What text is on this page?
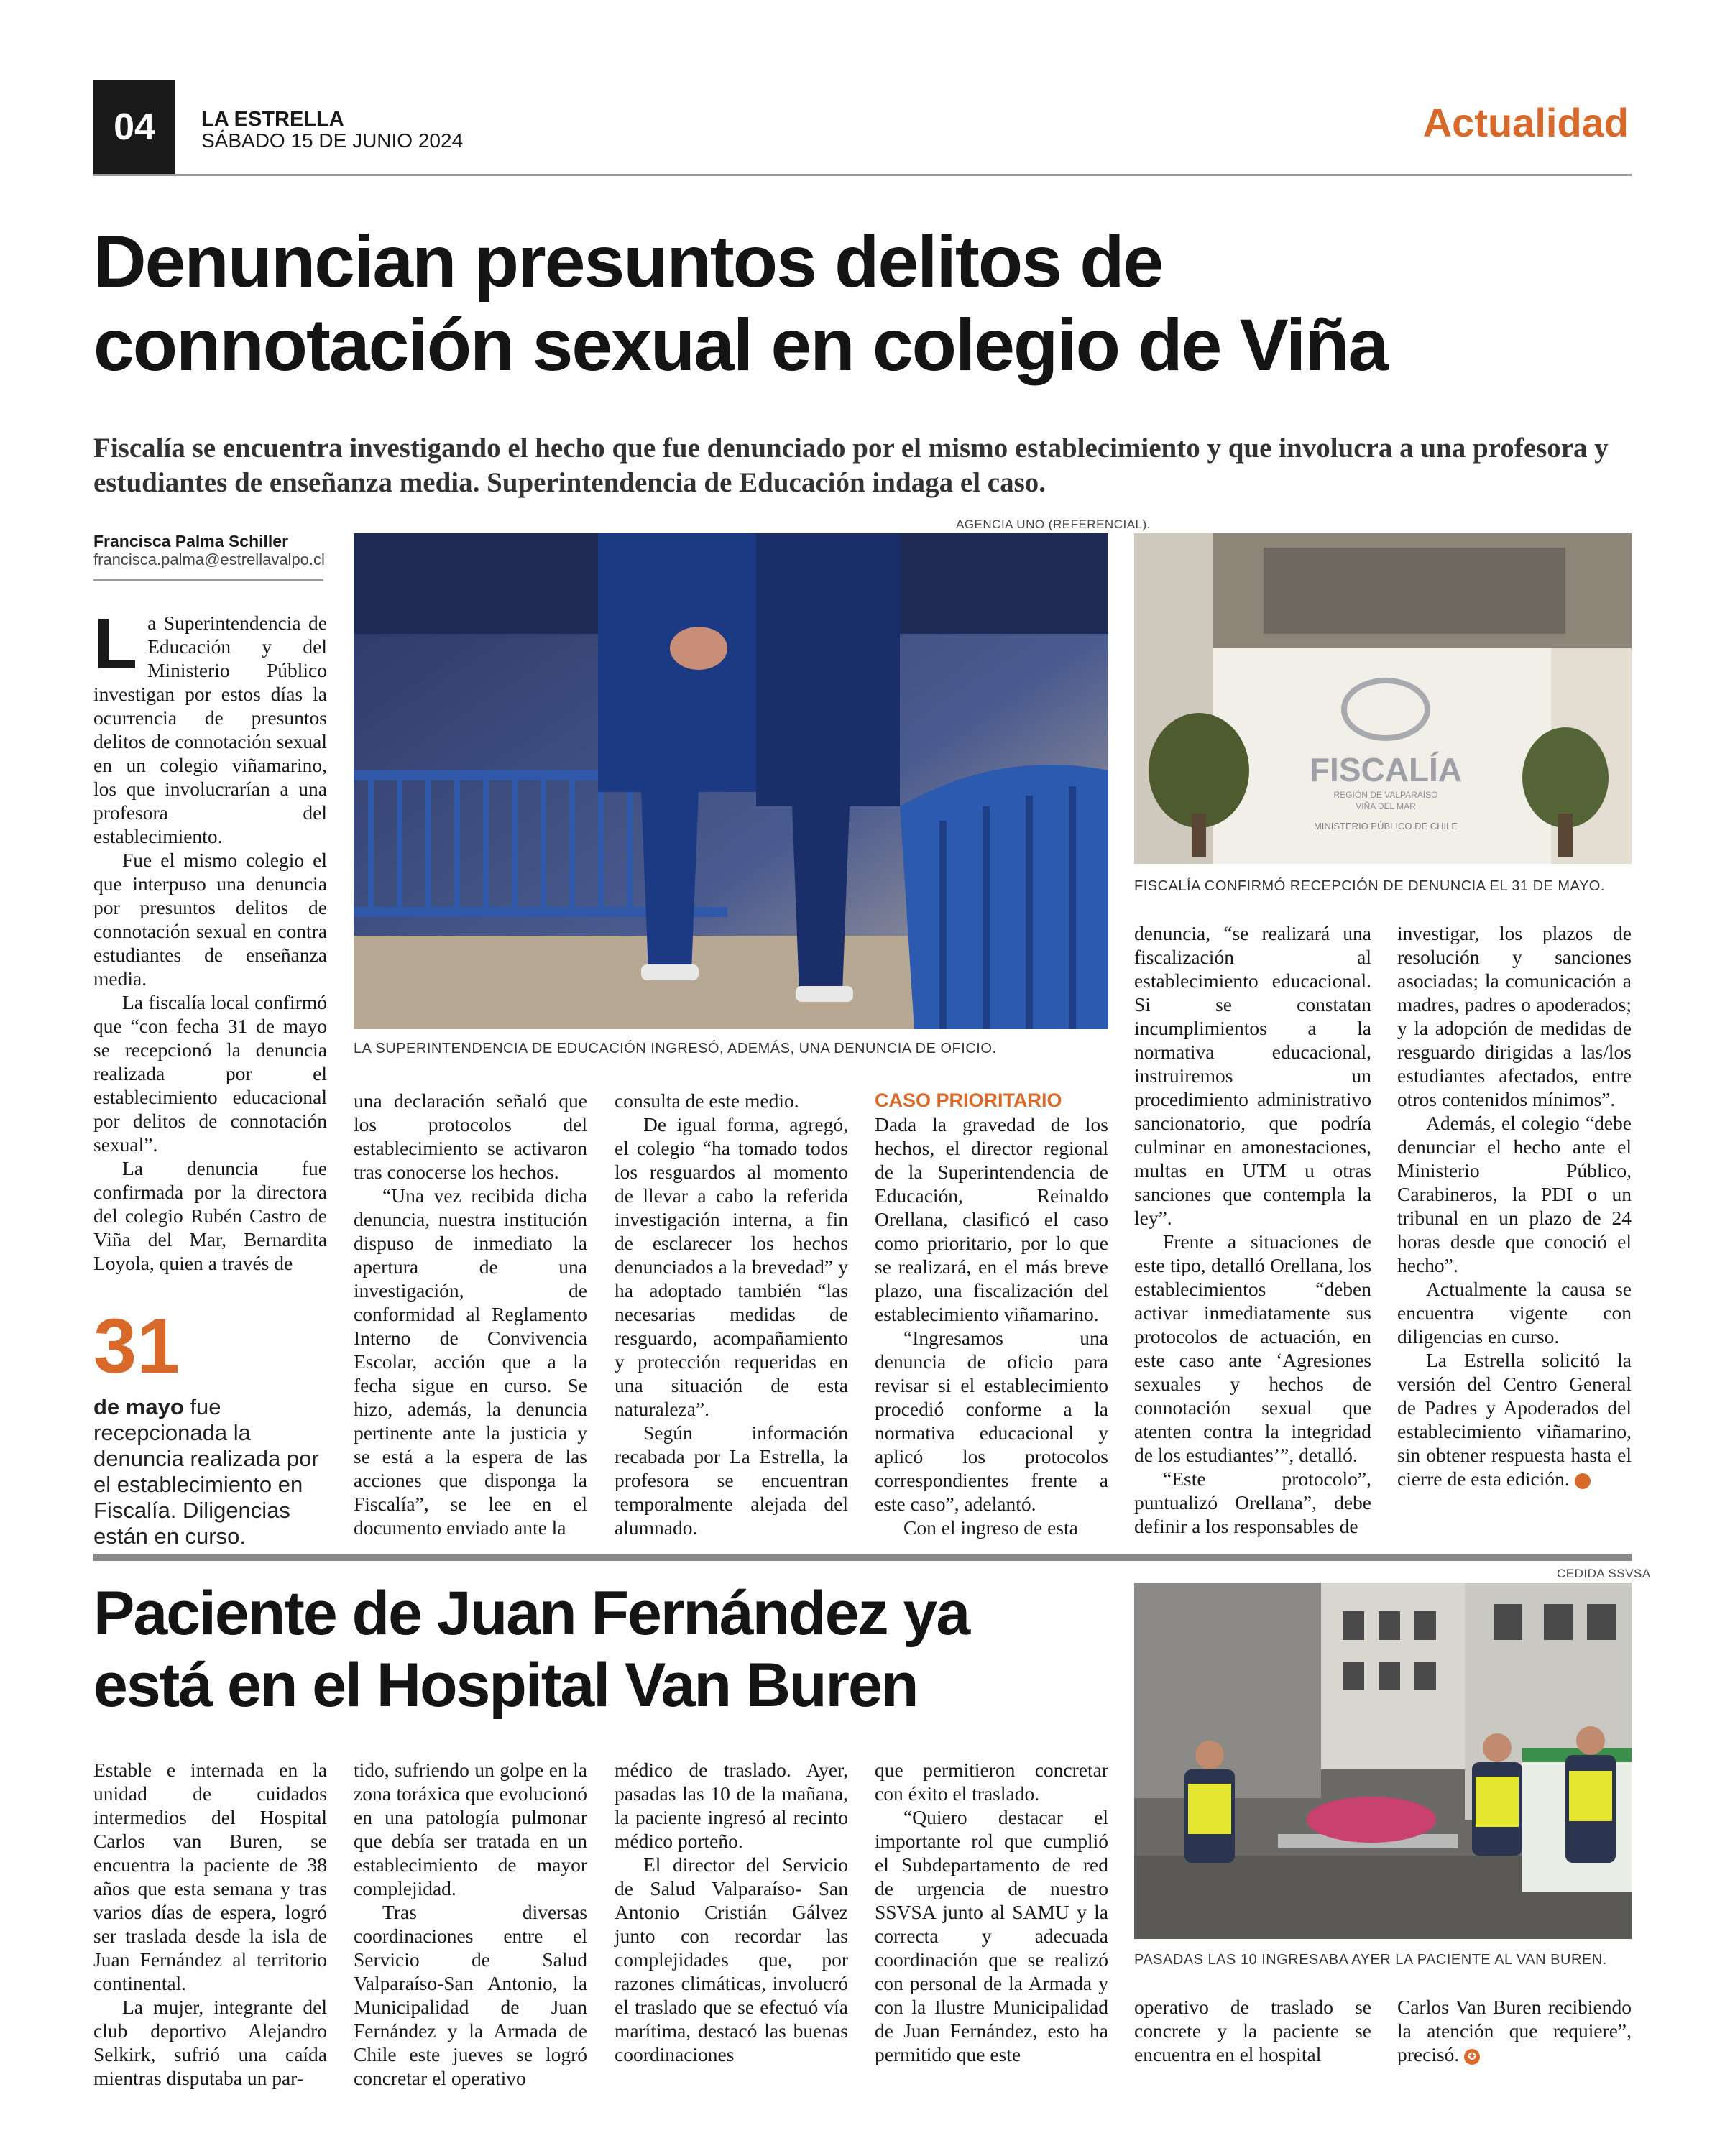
04	LA ESTRELLA
SÁBADO 15 DE JUNIO 2024	Actualidad
Denuncian presuntos delitos de
connotación sexual en colegio de Viña
Fiscalía se encuentra investigando el hecho que fue denunciado por el mismo establecimiento y que involucra a una profesora y estudiantes de enseñanza media. Superintendencia de Educación indaga el caso.
Francisca Palma Schiller
francisca.palma@estrellavalpo.cl
AGENCIA UNO (REFERENCIAL).
LA SUPERINTENDENCIA DE EDUCACIÓN INGRESÓ, ADEMÁS, UNA DENUNCIA DE OFICIO.
FISCALÍA
REGIÓN DE VALPARAÍSO
VIÑA DEL MAR
MINISTERIO PÚBLICO DE CHILE
FISCALÍA CONFIRMÓ RECEPCIÓN DE DENUNCIA EL 31 DE MAYO.

La Superintendencia de Educación y del Ministerio Público investigan por estos días la ocurrencia de presuntos delitos de connotación sexual en un colegio viñamarino, los que involucrarían a una profesora del establecimiento.

Fue el mismo colegio el que interpuso una denuncia por presuntos delitos de connotación sexual en contra estudiantes de enseñanza media.

La fiscalía local confirmó que “con fecha 31 de mayo se recepcionó la denuncia realizada por el establecimiento educacional por delitos de connotación sexual”.

La denuncia fue confirmada por la directora del colegio Rubén Castro de Viña del Mar, Bernardita Loyola, quien a través de

31
de mayo fue recepcionada la denuncia realizada por el establecimiento en Fiscalía. Diligencias están en curso.

una declaración señaló que los protocolos del establecimiento se activaron tras conocerse los hechos.

“Una vez recibida dicha denuncia, nuestra institución dispuso de inmediato la apertura de una investigación, de conformidad al Reglamento Interno de Convivencia Escolar, acción que a la fecha sigue en curso. Se hizo, además, la denuncia pertinente ante la justicia y se está a la espera de las acciones que disponga la Fiscalía”, se lee en el documento enviado ante la

consulta de este medio.

De igual forma, agregó, el colegio “ha tomado todos los resguardos al momento de llevar a cabo la referida investigación interna, a fin de esclarecer los hechos denunciados a la brevedad” y ha adoptado también “las necesarias medidas de resguardo, acompañamiento y protección requeridas en una situación de esta naturaleza”.

Según información recabada por La Estrella, la profesora se encuentran temporalmente alejada del alumnado.

CASO PRIORITARIO

Dada la gravedad de los hechos, el director regional de la Superintendencia de Educación, Reinaldo Orellana, clasificó el caso como prioritario, por lo que se realizará, en el más breve plazo, una fiscalización del establecimiento viñamarino.

“Ingresamos una denuncia de oficio para revisar si el establecimiento procedió conforme a la normativa educacional y aplicó los protocolos correspondientes frente a este caso”, adelantó.

Con el ingreso de esta

denuncia, “se realizará una fiscalización al establecimiento educacional. Si se constatan incumplimientos a la normativa educacional, instruiremos un procedimiento administrativo sancionatorio, que podría culminar en amonestaciones, multas en UTM u otras sanciones que contempla la ley”.

Frente a situaciones de este tipo, detalló Orellana, los establecimientos “deben activar inmediatamente sus protocolos de actuación, en este caso ante ‘Agresiones sexuales y hechos de connotación sexual que atenten contra la integridad de los estudiantes’”, detalló.

“Este protocolo”, puntualizó Orellana”, debe definir a los responsables de

investigar, los plazos de resolución y sanciones asociadas; la comunicación a madres, padres o apoderados; y la adopción de medidas de resguardo dirigidas a las/los estudiantes afectados, entre otros contenidos mínimos”.

Además, el colegio “debe denunciar el hecho ante el Ministerio Público, Carabineros, la PDI o un tribunal en un plazo de 24 horas desde que conoció el hecho”.

Actualmente la causa se encuentra vigente con diligencias en curso.

La Estrella solicitó la versión del Centro General de Padres y Apoderados del establecimiento viñamarino, sin obtener respuesta hasta el cierre de esta edición.	✪

Paciente de Juan Fernández ya
está en el Hospital Van Buren
CEDIDA SSVSA
PASADAS LAS 10 INGRESABA AYER LA PACIENTE AL VAN BUREN.

Estable e internada en la unidad de cuidados intermedios del Hospital Carlos van Buren, se encuentra la paciente de 38 años que esta semana y tras varios días de espera, logró ser traslada desde la isla de Juan Fernández al territorio continental.

La mujer, integrante del club deportivo Alejandro Selkirk, sufrió una caída mientras disputaba un par-

tido, sufriendo un golpe en la zona toráxica que evolucionó en una patología pulmonar que debía ser tratada en un establecimiento de mayor complejidad.

Tras diversas coordinaciones entre el Servicio de Salud Valparaíso-San Antonio, la Municipalidad de Juan Fernández y la Armada de Chile este jueves se logró concretar el operativo

médico de traslado. Ayer, pasadas las 10 de la mañana, la paciente ingresó al recinto médico porteño.

El director del Servicio de Salud Valparaíso- San Antonio Cristián Gálvez junto con recordar las complejidades que, por razones climáticas, involucró el traslado que se efectuó vía marítima, destacó las buenas coordinaciones

que permitieron concretar con éxito el traslado.

“Quiero destacar el importante rol que cumplió el Subdepartamento de red de urgencia de nuestro SSVSA junto al SAMU y la correcta y adecuada coordinación que se realizó con personal de la Armada y con la Ilustre Municipalidad de Juan Fernández, esto ha permitido que este

operativo de traslado se concrete y la paciente se encuentra en el hospital

Carlos Van Buren recibiendo la atención que requiere”, precisó. ✪
